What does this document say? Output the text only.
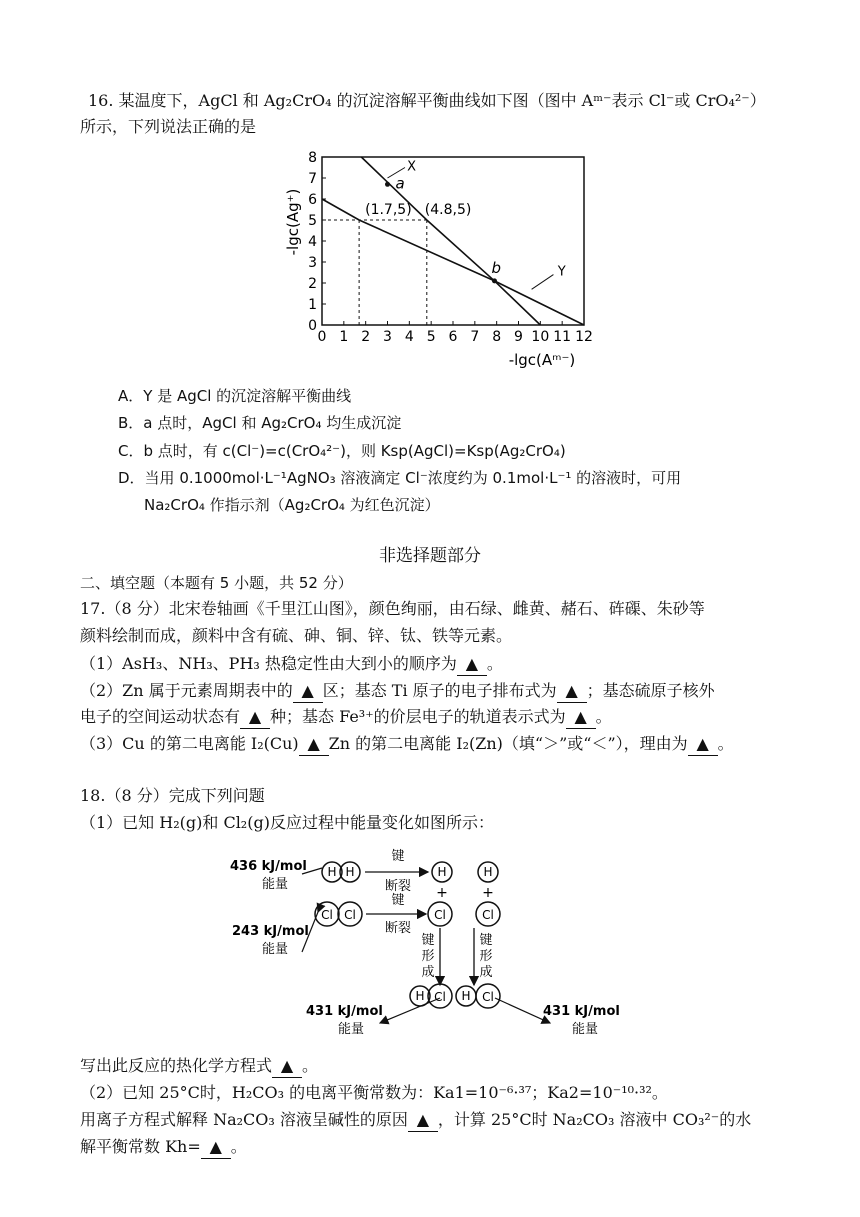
16. 某温度下，AgCl 和 Ag₂CrO₄ 的沉淀溶解平衡曲线如下图（图中 Aᵐ⁻表示 Cl⁻或 CrO₄²⁻）
所示，下列说法正确的是
-lgc(Ag⁺)
-lgc(Aᵐ⁻)
0 1 2 3 4 5 6 7 8 9 10 11 12
0
1
2
3
4
5
6
7
8
a
b
(1.7,5) (4.8,5)
X
Y
A．Y 是 AgCl 的沉淀溶解平衡曲线
B．a 点时，AgCl 和 Ag₂CrO₄ 均生成沉淀
C．b 点时，有 c(Cl⁻)=c(CrO₄²⁻)，则 Ksp(AgCl)=Ksp(Ag₂CrO₄)
D．当用 0.1000mol·L⁻¹AgNO₃ 溶液滴定 Cl⁻浓度约为 0.1mol·L⁻¹ 的溶液时，可用
Na₂CrO₄ 作指示剂（Ag₂CrO₄ 为红色沉淀）
非选择题部分
二、填空题（本题有 5 小题，共 52 分）
17.（8 分）北宋卷轴画《千里江山图》，颜色绚丽，由石绿、雌黄、赭石、砗磲、朱砂等
颜料绘制而成，颜料中含有硫、砷、铜、锌、钛、铁等元素。
（1）AsH₃、NH₃、PH₃ 热稳定性由大到小的顺序为 ▲ 。
（2）Zn 属于元素周期表中的 ▲ 区；基态 Ti 原子的电子排布式为 ▲ ；基态硫原子核外
电子的空间运动状态有 ▲ 种；基态 Fe³⁺的价层电子的轨道表示式为 ▲ 。
（3）Cu 的第二电离能 I₂(Cu) ▲ Zn 的第二电离能 I₂(Zn)（填“＞”或“＜”），理由为 ▲ 。
18.（8 分）完成下列问题
（1）已知 H₂(g)和 Cl₂(g)反应过程中能量变化如图所示：
436 kJ/mol
能量
243 kJ/mol
能量
431 kJ/mol
能量
431 kJ/mol
能量
H H
键
断裂
H	H
+ +
Cl Cl
键
断裂
Cl	Cl
键
形
成
键
形
成
H Cl H Cl
写出此反应的热化学方程式 ▲ 。
（2）已知 25°C时，H₂CO₃ 的电离平衡常数为：Ka1=10⁻⁶·³⁷；Ka2=10⁻¹⁰·³²。
用离子方程式解释 Na₂CO₃ 溶液呈碱性的原因 ▲ ，计算 25°C时 Na₂CO₃ 溶液中 CO₃²⁻的水
解平衡常数 Kh= ▲ 。
